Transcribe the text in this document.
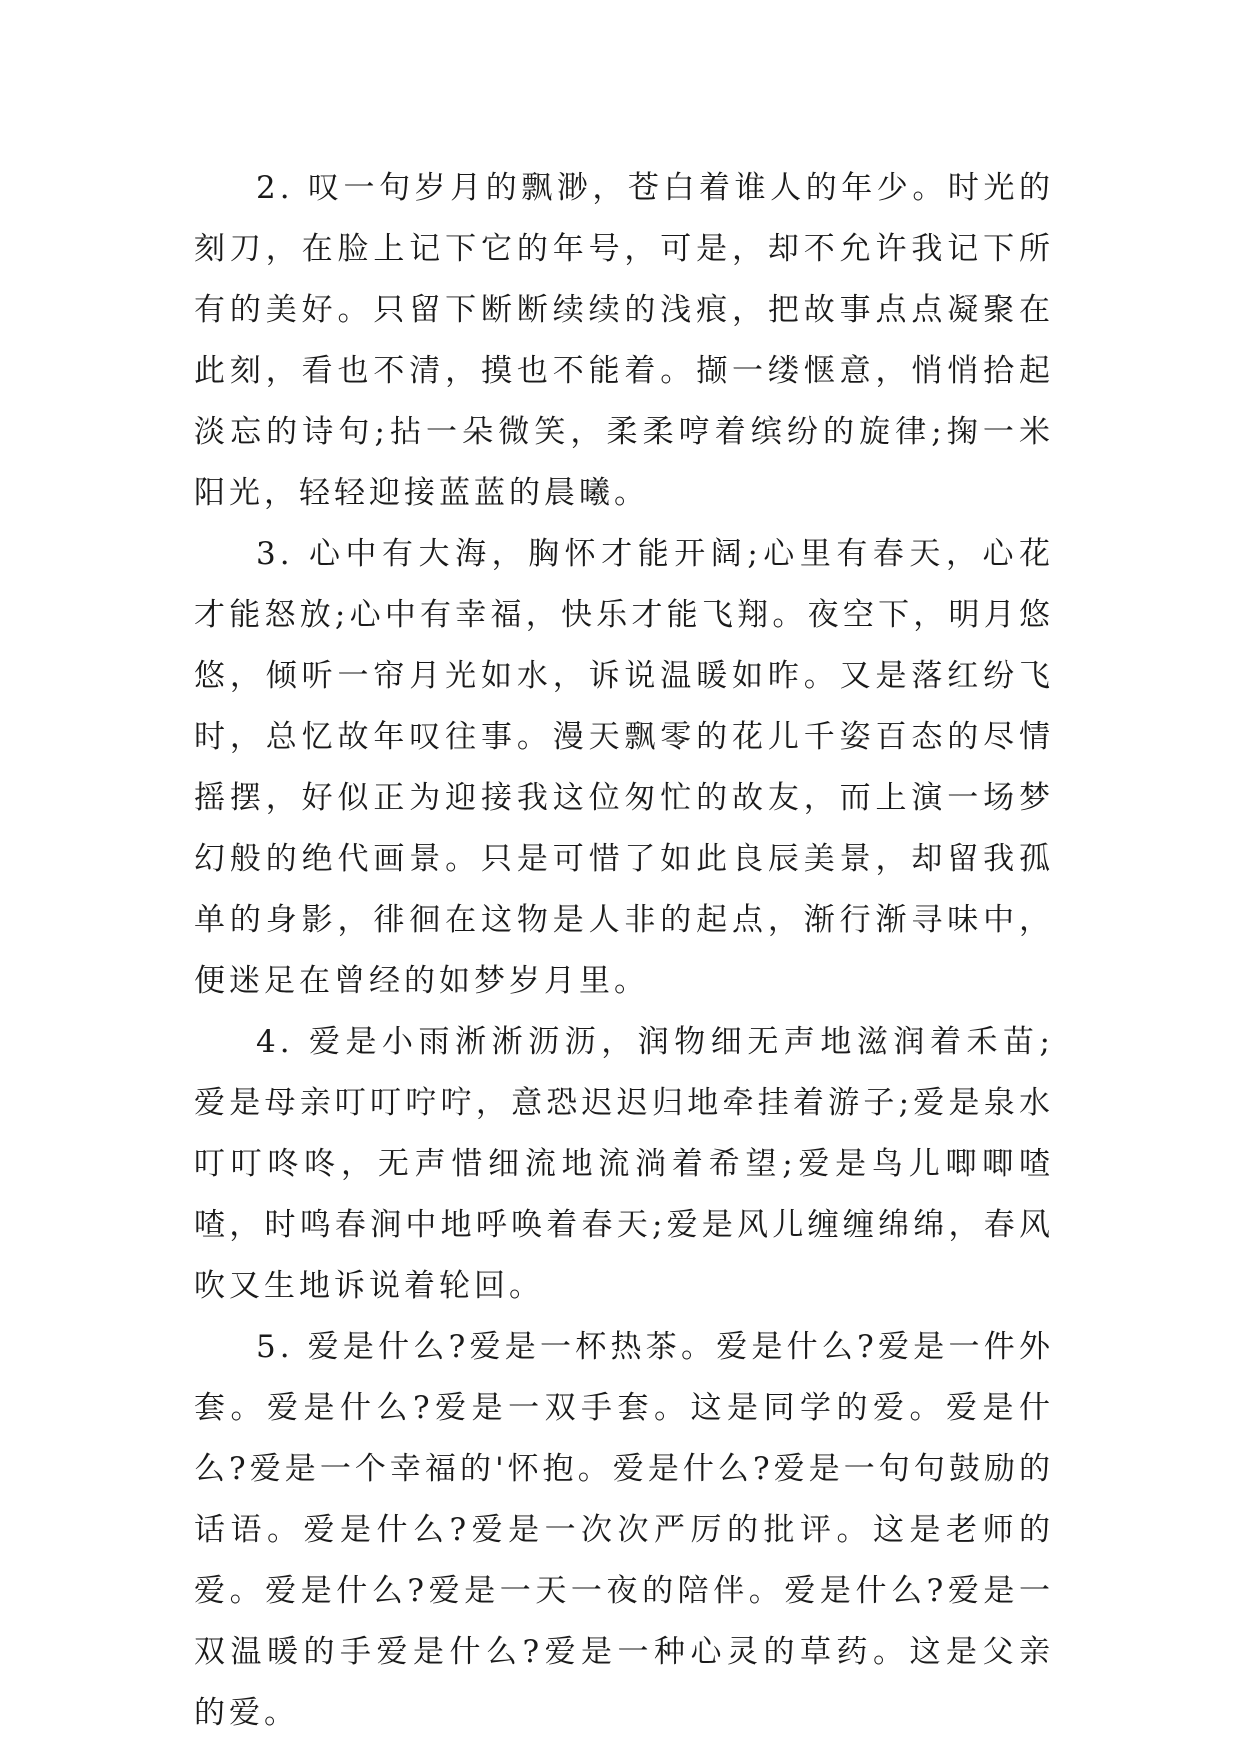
2. 叹一句岁月的飘渺，苍白着谁人的年少。时光的刻刀，在脸上记下它的年号，可是，却不允许我记下所有的美好。只留下断断续续的浅痕，把故事点点凝聚在此刻，看也不清，摸也不能着。撷一缕惬意，悄悄拾起淡忘的诗句;拈一朵微笑，柔柔哼着缤纷的旋律;掬一米阳光，轻轻迎接蓝蓝的晨曦。

3. 心中有大海，胸怀才能开阔;心里有春天，心花才能怒放;心中有幸福，快乐才能飞翔。夜空下，明月悠悠，倾听一帘月光如水，诉说温暖如昨。又是落红纷飞时，总忆故年叹往事。漫天飘零的花儿千姿百态的尽情摇摆，好似正为迎接我这位匆忙的故友，而上演一场梦幻般的绝代画景。只是可惜了如此良辰美景，却留我孤单的身影，徘徊在这物是人非的起点，渐行渐寻味中，便迷足在曾经的如梦岁月里。

4. 爱是小雨淅淅沥沥，润物细无声地滋润着禾苗;爱是母亲叮叮咛咛，意恐迟迟归地牵挂着游子;爱是泉水叮叮咚咚，无声惜细流地流淌着希望;爱是鸟儿唧唧喳喳，时鸣春涧中地呼唤着春天;爱是风儿缠缠绵绵，春风吹又生地诉说着轮回。

5. 爱是什么?爱是一杯热茶。爱是什么?爱是一件外套。爱是什么?爱是一双手套。这是同学的爱。爱是什么?爱是一个幸福的'怀抱。爱是什么?爱是一句句鼓励的话语。爱是什么?爱是一次次严厉的批评。这是老师的爱。爱是什么?爱是一天一夜的陪伴。爱是什么?爱是一双温暖的手爱是什么?爱是一种心灵的草药。这是父亲的爱。
